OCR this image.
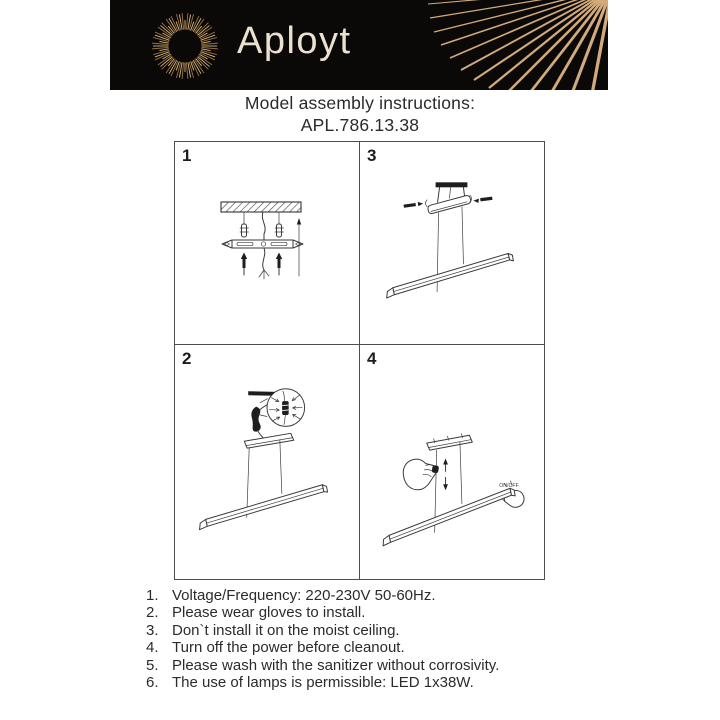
Aployt
Model assembly instructions:
APL.786.13.38
1	3
2	4
ON/OFF
1. Voltage/Frequency: 220-230V 50-60Hz.
2. Please wear gloves to install.
3. Don`t install it on the moist ceiling.
4. Turn off the power before cleanout.
5. Please wash with the sanitizer without corrosivity.
6. The use of lamps is permissible: LED 1x38W.
